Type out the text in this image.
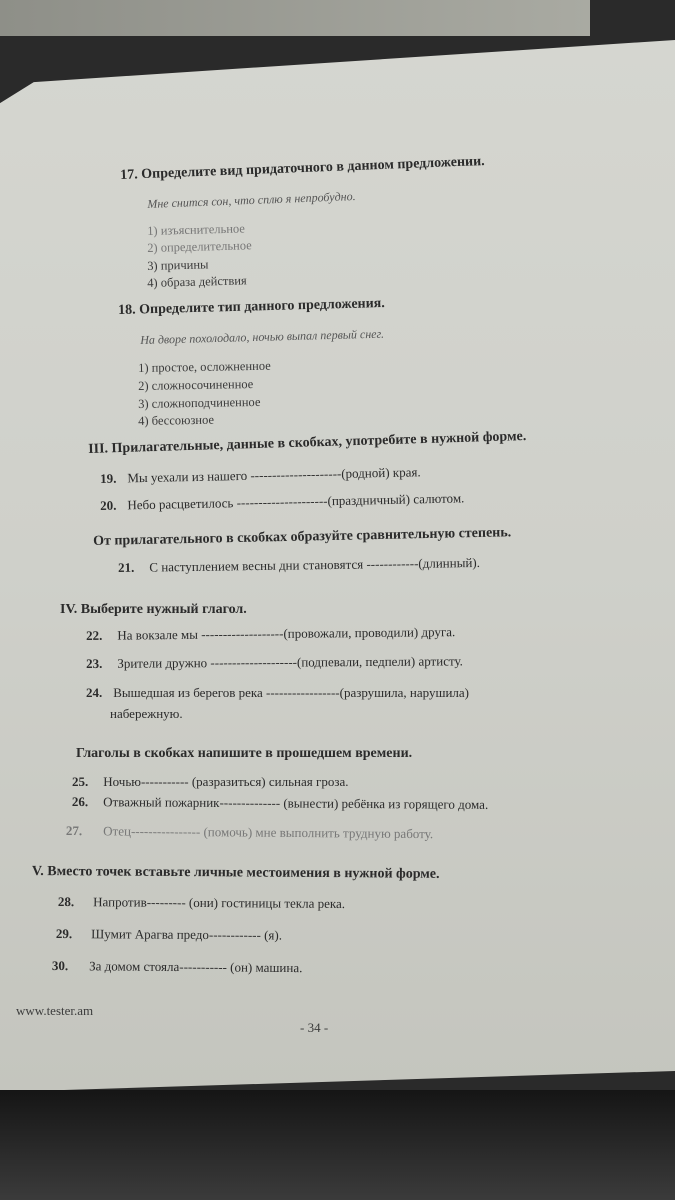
17. Определите вид придаточного в данном предложении.
Мне снится сон, что сплю я непробудно.
1) изъяснительное
2) определительное
3) причины
4) образа действия
18. Определите тип данного предложения.
На дворе похолодало, ночью выпал первый снег.
1) простое, осложненное
2) сложносочиненное
3) сложноподчиненное
4) бессоюзное
III. Прилагательные, данные в скобках, употребите в нужной форме.
19. Мы уехали из нашего ---------------------(родной) края.
20. Небо расцветилось ---------------------(праздничный) салютом.
От прилагательного в скобках образуйте сравнительную степень.
21. С наступлением весны дни становятся ------------(длинный).
IV. Выберите нужный глагол.
22. На вокзале мы -------------------(провожали, проводили) друга.
23. Зрители дружно --------------------(подпевали, педпели) артисту.
24. Вышедшая из берегов река -----------------(разрушила, нарушила)
набережную.
Глаголы в скобках напишите в прошедшем времени.
25. Ночью----------- (разразиться) сильная гроза.
26. Отважный пожарник-------------- (вынести) ребёнка из горящего дома.
27. Отец---------------- (помочь) мне выполнить трудную работу.
V. Вместо точек вставьте личные местоимения в нужной форме.
28. Напротив--------- (они) гостиницы текла река.
29. Шумит Арагва предо------------ (я).
30. За домом стояла----------- (он) машина.
www.tester.am
- 34 -
